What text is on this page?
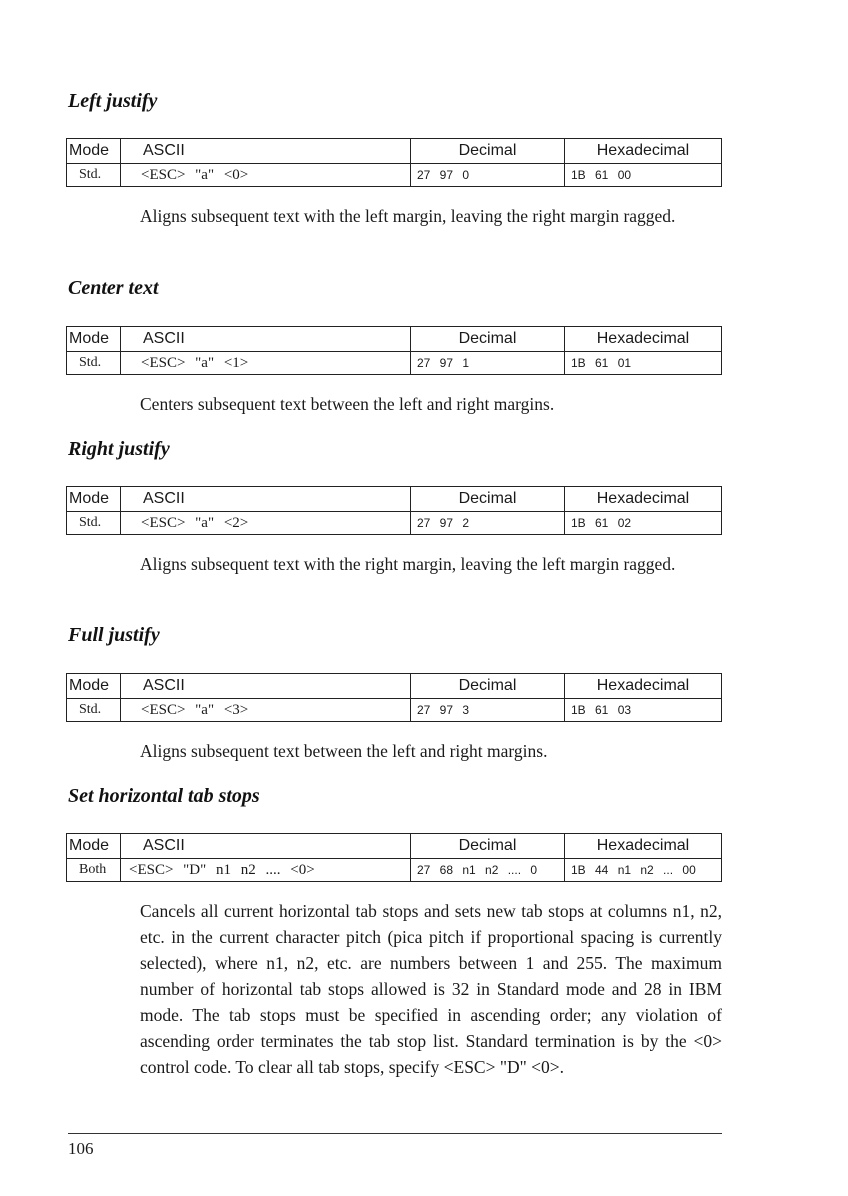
Left justify
Mode	ASCII	Decimal	Hexadecimal
Std.	<ESC> "a" <0>	27 97 0	1B 61 00

Aligns subsequent text with the left margin, leaving the right margin ragged.

Center text
Mode	ASCII	Decimal	Hexadecimal
Std.	<ESC> "a" <1>	27 97 1	1B 61 01

Centers subsequent text between the left and right margins.

Right justify
Mode	ASCII	Decimal	Hexadecimal
Std.	<ESC> "a" <2>	27 97 2	1B 61 02

Aligns subsequent text with the right margin, leaving the left margin ragged.

Full justify
Mode	ASCII	Decimal	Hexadecimal
Std.	<ESC> "a" <3>	27 97 3	1B 61 03

Aligns subsequent text between the left and right margins.

Set horizontal tab stops
Mode	ASCII	Decimal	Hexadecimal
Both	<ESC> "D" n1 n2 .... <0>	27 68 n1 n2 .... 0	1B 44 n1 n2 ... 00

Cancels all current horizontal tab stops and sets new tab stops at columns n1, n2, etc. in the current character pitch (pica pitch if proportional spacing is currently selected), where n1, n2, etc. are numbers between 1 and 255. The maximum number of horizontal tab stops allowed is 32 in Standard mode and 28 in IBM mode. The tab stops must be specified in ascending order; any violation of ascending order terminates the tab stop list. Standard termination is by the <0> control code. To clear all tab stops, specify <ESC> "D" <0>.

106
